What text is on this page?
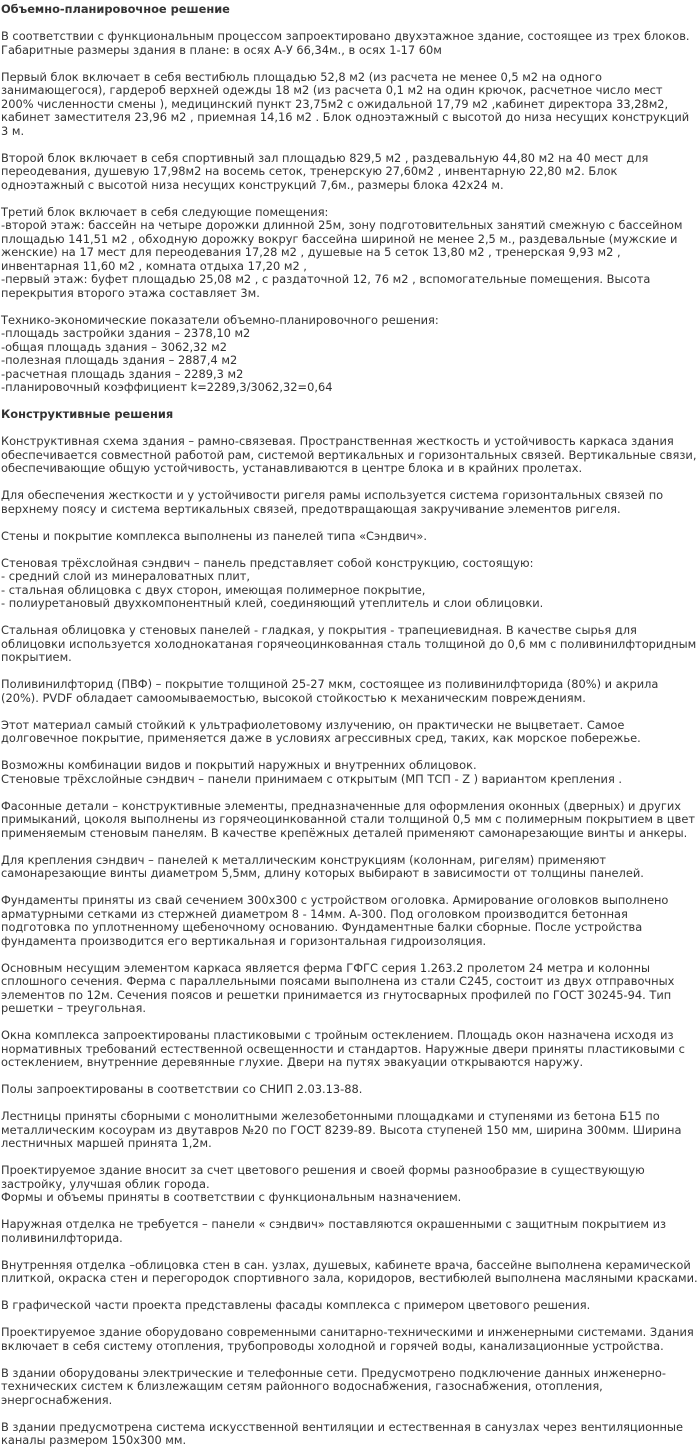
Объемно-планировочное решение

В соответствии с функциональным процессом запроектировано двухэтажное здание, состоящее из трех блоков. Габаритные размеры здания в плане: в осях А-У 66,34м., в осях 1-17 60м

Первый блок включает в себя вестибюль площадью 52,8 м2 (из расчета не менее 0,5 м2 на одного занимающегося), гардероб верхней одежды 18 м2 (из расчета 0,1 м2 на один крючок, расчетное число мест 200% численности смены ), медицинский пункт 23,75м2 с ожидальной 17,79 м2 ,кабинет директора 33,28м2, кабинет заместителя 23,96 м2 , приемная 14,16 м2 . Блок одноэтажный с высотой до низа несущих конструкций 3 м.

Второй блок включает в себя спортивный зал площадью 829,5 м2 , раздевальную 44,80 м2 на 40 мест для переодевания, душевую 17,98м2 на восемь сеток, тренерскую 27,60м2 , инвентарную 22,80 м2. Блок одноэтажный с высотой низа несущих конструкций 7,6м., размеры блока 42х24 м.

Третий блок включает в себя следующие помещения:
-второй этаж: бассейн на четыре дорожки длинной 25м, зону подготовительных занятий смежную с бассейном площадью 141,51 м2 , обходную дорожку вокруг бассейна шириной не менее 2,5 м., раздевальные (мужские и женские) на 17 мест для переодевания 17,28 м2 , душевые на 5 сеток 13,80 м2 , тренерская 9,93 м2 , инвентарная 11,60 м2 , комната отдыха 17,20 м2 ,
-первый этаж: буфет площадью 25,08 м2 , с раздаточной 12, 76 м2 , вспомогательные помещения. Высота перекрытия второго этажа составляет 3м.

Технико-экономические показатели объемно-планировочного решения:
-площадь застройки здания – 2378,10 м2
-общая площадь здания – 3062,32 м2
-полезная площадь здания – 2887,4 м2
-расчетная площадь здания – 2289,3 м2
-планировочный коэффициент k=2289,3/3062,32=0,64

Конструктивные решения

Конструктивная схема здания – рамно-связевая. Пространственная жесткость и устойчивость каркаса здания обеспечивается совместной работой рам, системой вертикальных и горизонтальных связей. Вертикальные связи, обеспечивающие общую устойчивость, устанавливаются в центре блока и в крайних пролетах.

Для обеспечения жесткости и у устойчивости ригеля рамы используется система горизонтальных связей по верхнему поясу и система вертикальных связей, предотвращающая закручивание элементов ригеля.

Стены и покрытие комплекса выполнены из панелей типа «Сэндвич».

Стеновая трёхслойная сэндвич – панель представляет собой конструкцию, состоящую:
- средний слой из минераловатных плит,
- стальная облицовка с двух сторон, имеющая полимерное покрытие,
- полиуретановый двухкомпонентный клей, соединяющий утеплитель и слои облицовки.

Стальная облицовка у стеновых панелей - гладкая, у покрытия - трапециевидная. В качестве сырья для облицовки используется холоднокатаная горячеоцинкованная сталь толщиной до 0,6 мм с поливинилфторидным покрытием.

Поливинилфторид (ПВФ) – покрытие толщиной 25-27 мкм, состоящее из поливинилфторида (80%) и акрила (20%). PVDF обладает самоомываемостью, высокой стойкостью к механическим повреждениям.

Этот материал самый стойкий к ультрафиолетовому излучению, он практически не выцветает. Самое долговечное покрытие, применяется даже в условиях агрессивных сред, таких, как морское побережье.

Возможны комбинации видов и покрытий наружных и внутренних облицовок.
Стеновые трёхслойные сэндвич – панели принимаем с открытым (МП ТСП - Z ) вариантом крепления .

Фасонные детали – конструктивные элементы, предназначенные для оформления оконных (дверных) и других примыканий, цоколя выполнены из горячеоцинкованной стали толщиной 0,5 мм с полимерным покрытием в цвет применяемым стеновым панелям. В качестве крепёжных деталей применяют самонарезающие винты и анкеры.

Для крепления сэндвич – панелей к металлическим конструкциям (колоннам, ригелям) применяют самонарезающие винты диаметром 5,5мм, длину которых выбирают в зависимости от толщины панелей.

Фундаменты приняты из свай сечением 300х300 с устройством оголовка. Армирование оголовков выполнено арматурными сетками из стержней диаметром 8 - 14мм. А-300. Под оголовком производится бетонная подготовка по уплотненному щебеночному основанию. Фундаментные балки сборные. После устройства фундамента производится его вертикальная и горизонтальная гидроизоляция.

Основным несущим элементом каркаса является ферма ГФГС серия 1.263.2 пролетом 24 метра и колонны сплошного сечения. Ферма с параллельными поясами выполнена из стали С245, состоит из двух отправочных элементов по 12м. Сечения поясов и решетки принимается из гнутосварных профилей по ГОСТ 30245-94. Тип решетки – треугольная.

Окна комплекса запроектированы пластиковыми с тройным остеклением. Площадь окон назначена исходя из нормативных требований естественной освещенности и стандартов. Наружные двери приняты пластиковыми с остеклением, внутренние деревянные глухие. Двери на путях эвакуации открываются наружу.

Полы запроектированы в соответствии со СНИП 2.03.13-88.

Лестницы приняты сборными с монолитными железобетонными площадками и ступенями из бетона Б15 по металлическим косоурам из двутавров №20 по ГОСТ 8239-89. Высота ступеней 150 мм, ширина 300мм. Ширина лестничных маршей принята 1,2м.

Проектируемое здание вносит за счет цветового решения и своей формы разнообразие в существующую застройку, улучшая облик города.
Формы и объемы приняты в соответствии с функциональным назначением.

Наружная отделка не требуется – панели « сэндвич» поставляются окрашенными с защитным покрытием из поливинилфторида.

Внутренняя отделка –облицовка стен в сан. узлах, душевых, кабинете врача, бассейне выполнена керамической плиткой, окраска стен и перегородок спортивного зала, коридоров, вестибюлей выполнена масляными красками.

В графической части проекта представлены фасады комплекса с примером цветового решения.

Проектируемое здание оборудовано современными санитарно-техническими и инженерными системами. Здания включает в себя систему отопления, трубопроводы холодной и горячей воды, канализационные устройства.

В здании оборудованы электрические и телефонные сети. Предусмотрено подключение данных инженерно-технических систем к близлежащим сетям районного водоснабжения, газоснабжения, отопления, энергоснабжения.

В здании предусмотрена система искусственной вентиляции и естественная в санузлах через вентиляционные каналы размером 150х300 мм.
